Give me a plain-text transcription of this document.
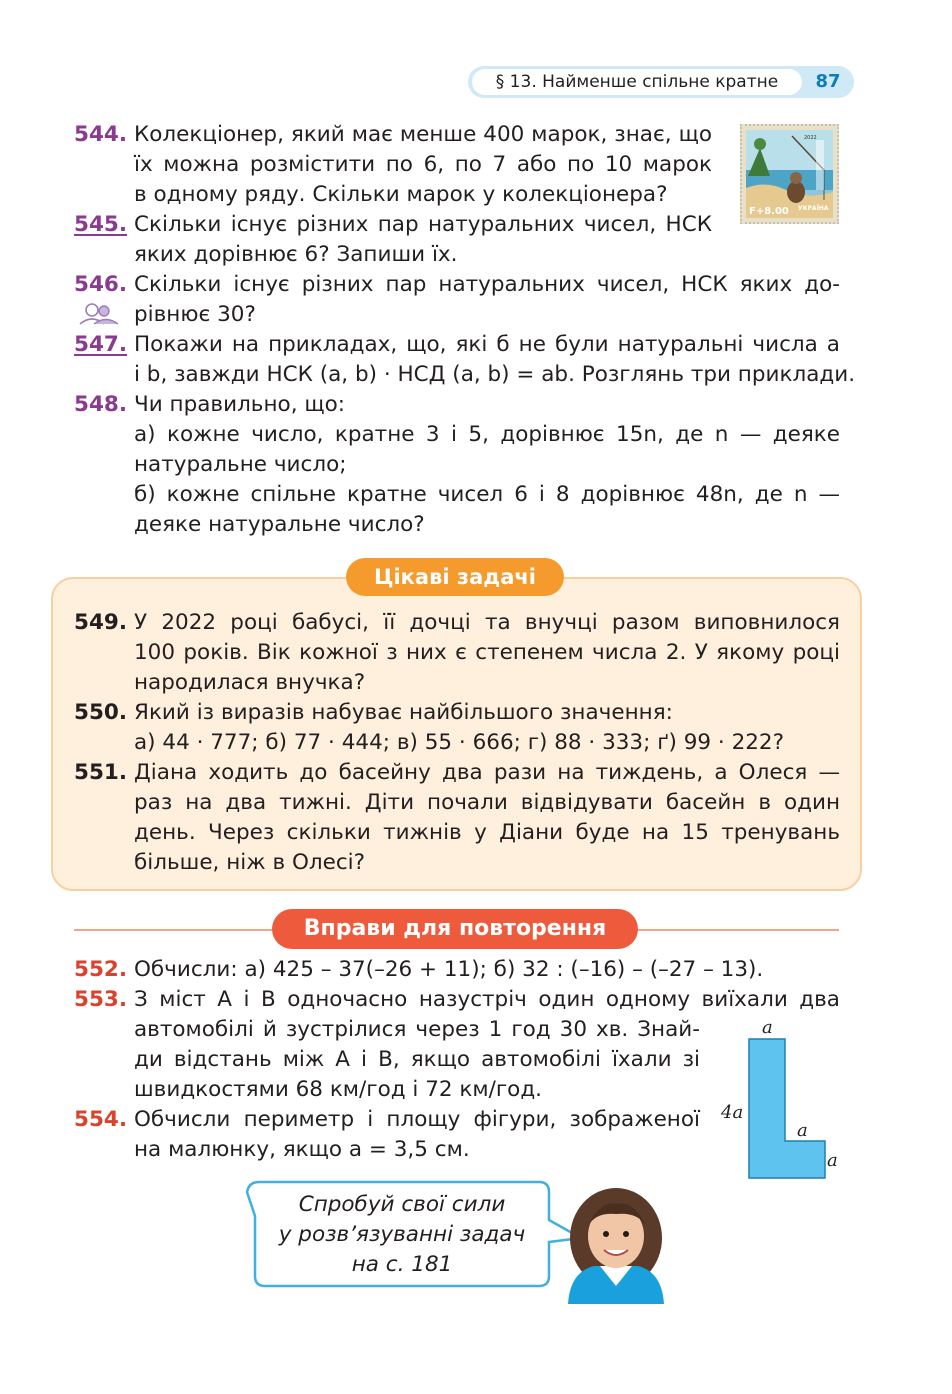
§ 13. Найменше спільне кратне	87
F+8.00 УКРАЇНА
2022
544. Колекціонер, який має менше 400 марок, знає, що
їх можна розмістити по 6, по 7 або по 10 марок
в одному ряду. Скільки марок у колекціонера?
545. Скільки існує різних пар натуральних чисел, НСК
яких дорівнює 6? Запиши їх.
546. Скільки існує різних пар натуральних чисел, НСК яких до-
рівнює 30?
547. Покажи на прикладах, що, які б не були натуральні числа a
і b, завжди НСК (a, b) · НСД (a, b) = ab. Розглянь три приклади.
548. Чи правильно, що:
а) кожне число, кратне 3 і 5, дорівнює 15n, де n — деяке
натуральне число;
б) кожне спільне кратне чисел 6 і 8 дорівнює 48n, де n —
деяке натуральне число?
Цікаві задачі
549. У 2022 році бабусі, її дочці та внучці разом виповнилося
100 років. Вік кожної з них є степенем числа 2. У якому році
народилася внучка?
550. Який із виразів набуває найбільшого значення:
а) 44 · 777; б) 77 · 444; в) 55 · 666; г) 88 · 333; ґ) 99 · 222?
551. Діана ходить до басейну два рази на тиждень, а Олеся —
раз на два тижні. Діти почали відвідувати басейн в один
день. Через скільки тижнів у Діани буде на 15 тренувань
більше, ніж в Олесі?
Вправи для повторення
552. Обчисли: а) 425 – 37(–26 + 11); б) 32 : (–16) – (–27 – 13).
553. З міст A і B одночасно назустріч один одному виїхали два
автомобілі й зустрілися через 1 год 30 хв. Знай-
ди відстань між A і B, якщо автомобілі їхали зі
швидкостями 68 км/год і 72 км/год.
554. Обчисли периметр і площу фігури, зображеної
на малюнку, якщо a = 3,5 см.
a
4a
a
a
Спробуй свої сили
у розв’язуванні задач
на с. 181
